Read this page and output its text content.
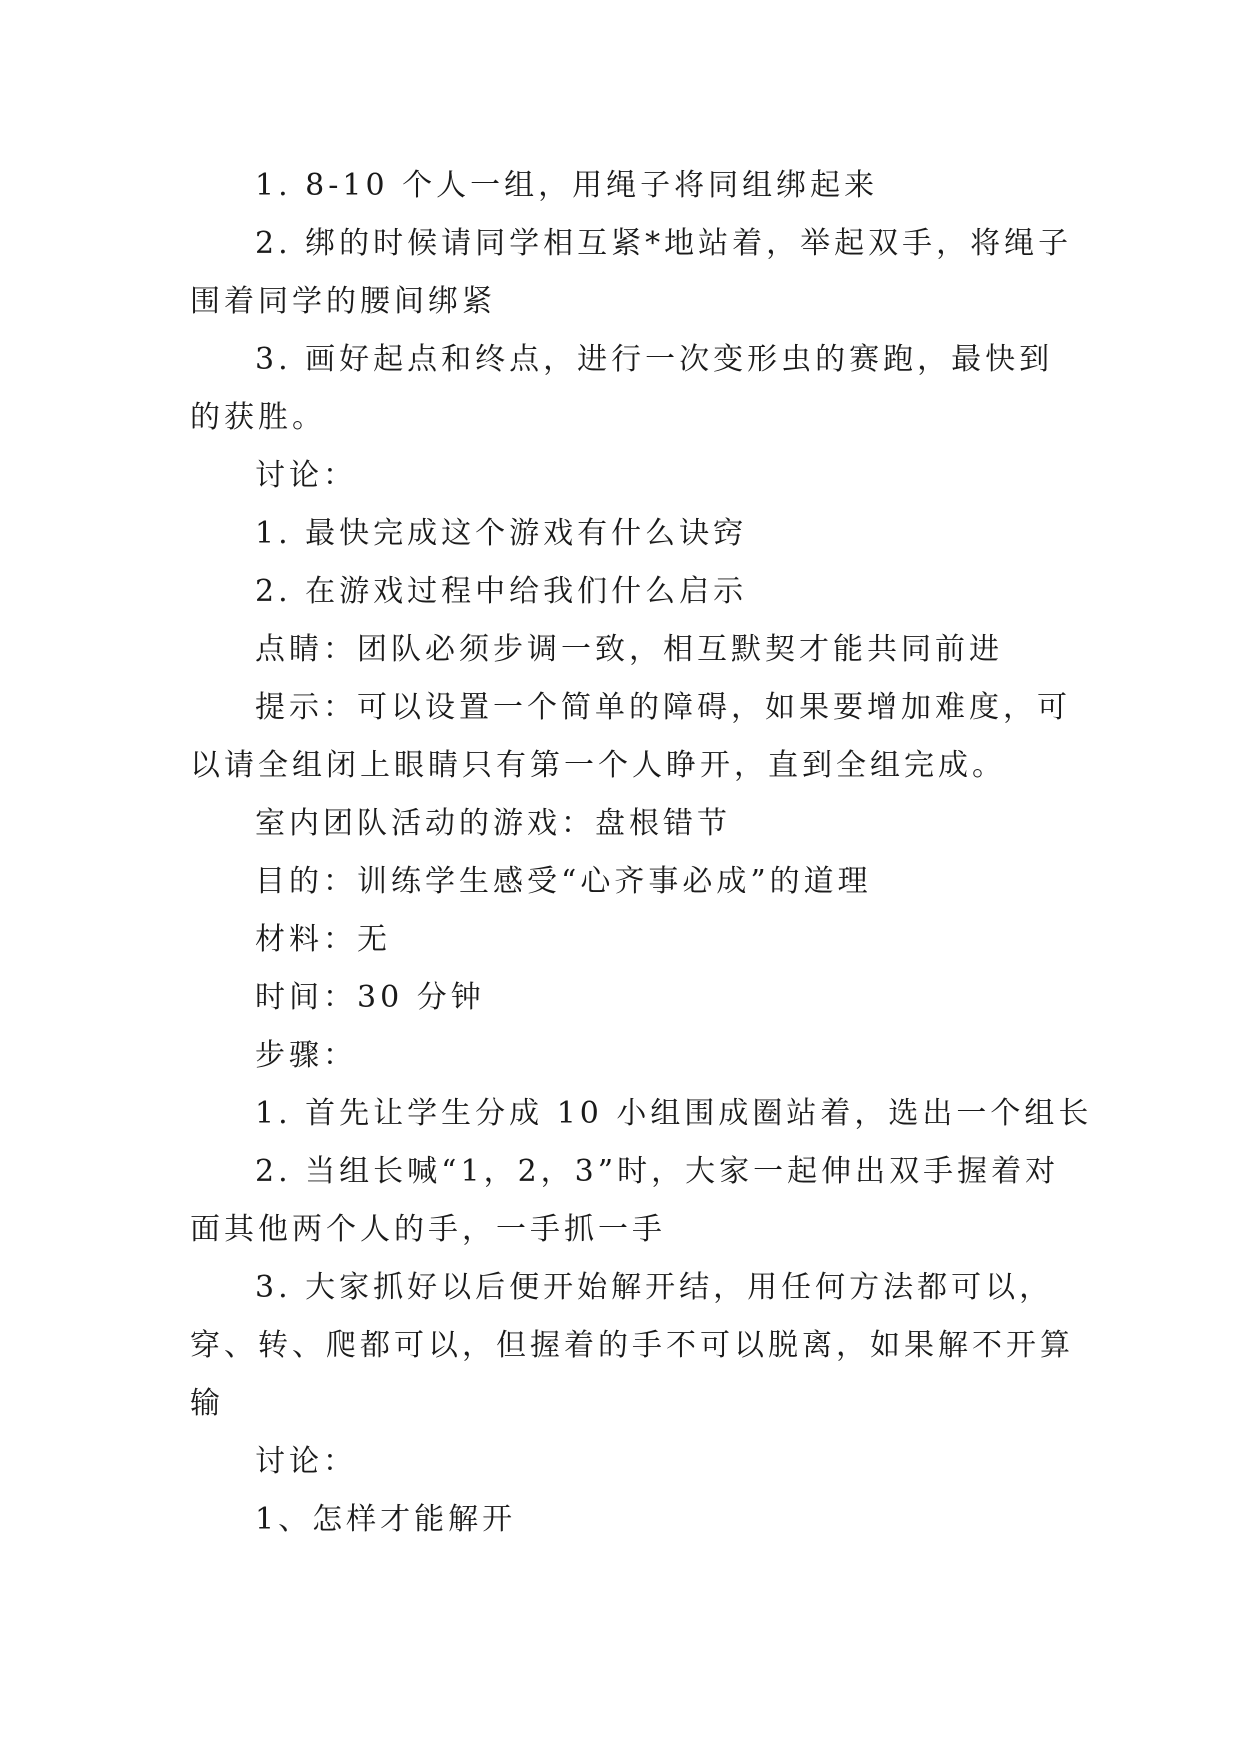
1. 8-10 个人一组，用绳子将同组绑起来
2. 绑的时候请同学相互紧*地站着，举起双手，将绳子
围着同学的腰间绑紧
3. 画好起点和终点，进行一次变形虫的赛跑，最快到
的获胜。
讨论：
1. 最快完成这个游戏有什么诀窍
2. 在游戏过程中给我们什么启示
点睛：团队必须步调一致，相互默契才能共同前进
提示：可以设置一个简单的障碍，如果要增加难度，可
以请全组闭上眼睛只有第一个人睁开，直到全组完成。
室内团队活动的游戏：盘根错节
目的：训练学生感受“心齐事必成”的道理
材料：无
时间：30 分钟
步骤：
1. 首先让学生分成 10 小组围成圈站着，选出一个组长
2. 当组长喊“1，2，3”时，大家一起伸出双手握着对
面其他两个人的手，一手抓一手
3. 大家抓好以后便开始解开结，用任何方法都可以，
穿、转、爬都可以，但握着的手不可以脱离，如果解不开算
输
讨论：
1、怎样才能解开
